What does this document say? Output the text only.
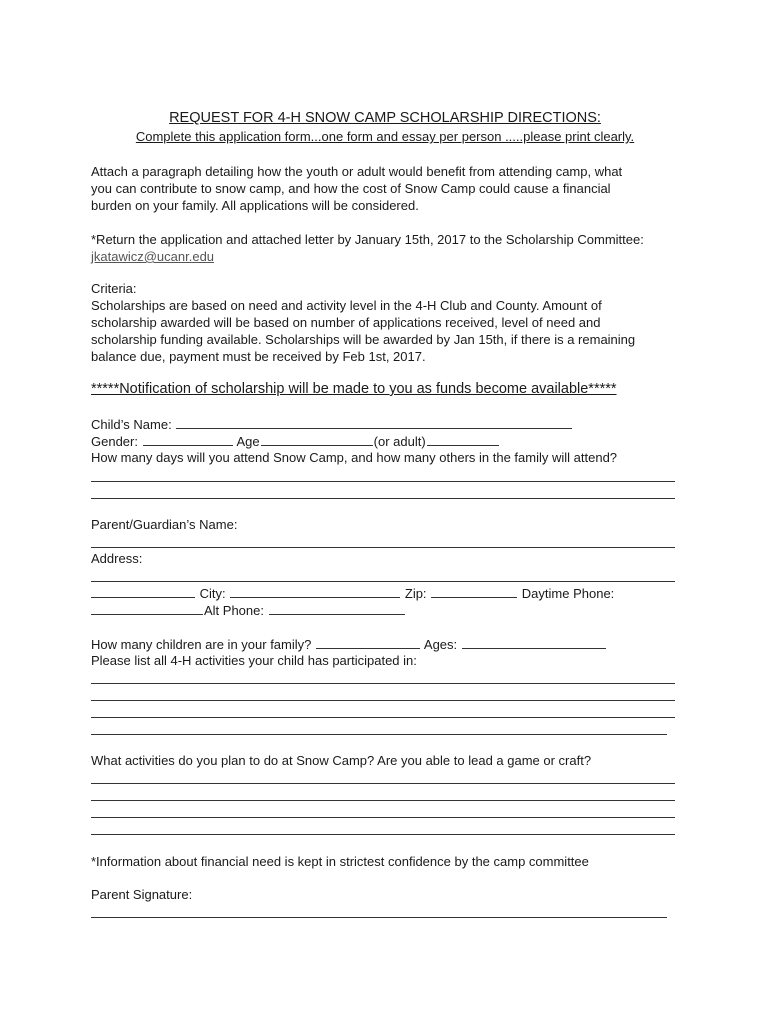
REQUEST FOR 4-H SNOW CAMP SCHOLARSHIP DIRECTIONS:
Complete this application form...one form and essay per person .....please print clearly.
Attach a paragraph detailing how the youth or adult would benefit from attending camp, what
you can contribute to snow camp, and how the cost of Snow Camp could cause a financial
burden on your family. All applications will be considered.
*Return the application and attached letter by January 15th, 2017 to the Scholarship Committee:
jkatawicz@ucanr.edu
Criteria:
Scholarships are based on need and activity level in the 4-H Club and County. Amount of
scholarship awarded will be based on number of applications received, level of need and
scholarship funding available. Scholarships will be awarded by Jan 15th, if there is a remaining
balance due, payment must be received by Feb 1st, 2017.
*****Notification of scholarship will be made to you as funds become available*****
Child’s Name:
Gender:	Age	(or adult)
How many days will you attend Snow Camp, and how many others in the family will attend?
Parent/Guardian’s Name:
Address:
City:	Zip:	Daytime Phone:
Alt Phone:
How many children are in your family?	Ages:
Please list all 4-H activities your child has participated in:
What activities do you plan to do at Snow Camp? Are you able to lead a game or craft?
*Information about financial need is kept in strictest confidence by the camp committee
Parent Signature:
